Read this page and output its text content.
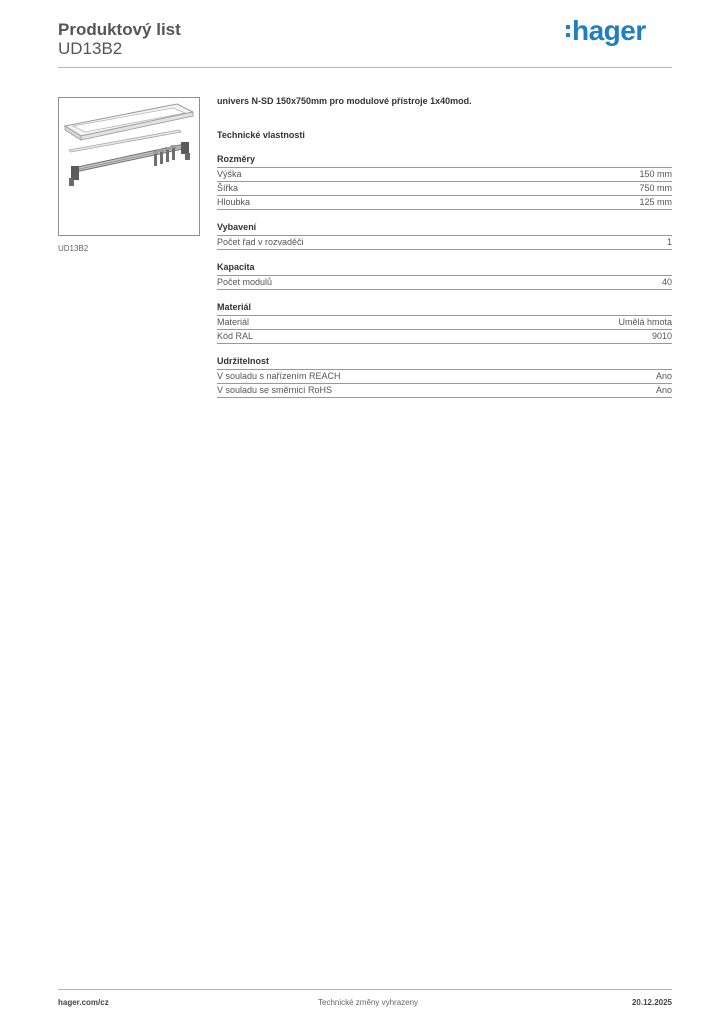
Produktový list
UD13B2
hager
UD13B2
univers N-SD 150x750mm pro modulové přístroje 1x40mod.
Technické vlastnosti
Rozměry
Výška	150 mm
Šířka	750 mm
Hloubka	125 mm
Vybavení
Počet řad v rozvaděči	1
Kapacita
Počet modulů	40
Materiál
Materiál	Umělá hmota
Kód RAL	9010
Udržitelnost
V souladu s nařízením REACH	Ano
V souladu se směrnicí RoHS	Ano
hager.com/cz	Technické změny vyhrazeny	20.12.2025
